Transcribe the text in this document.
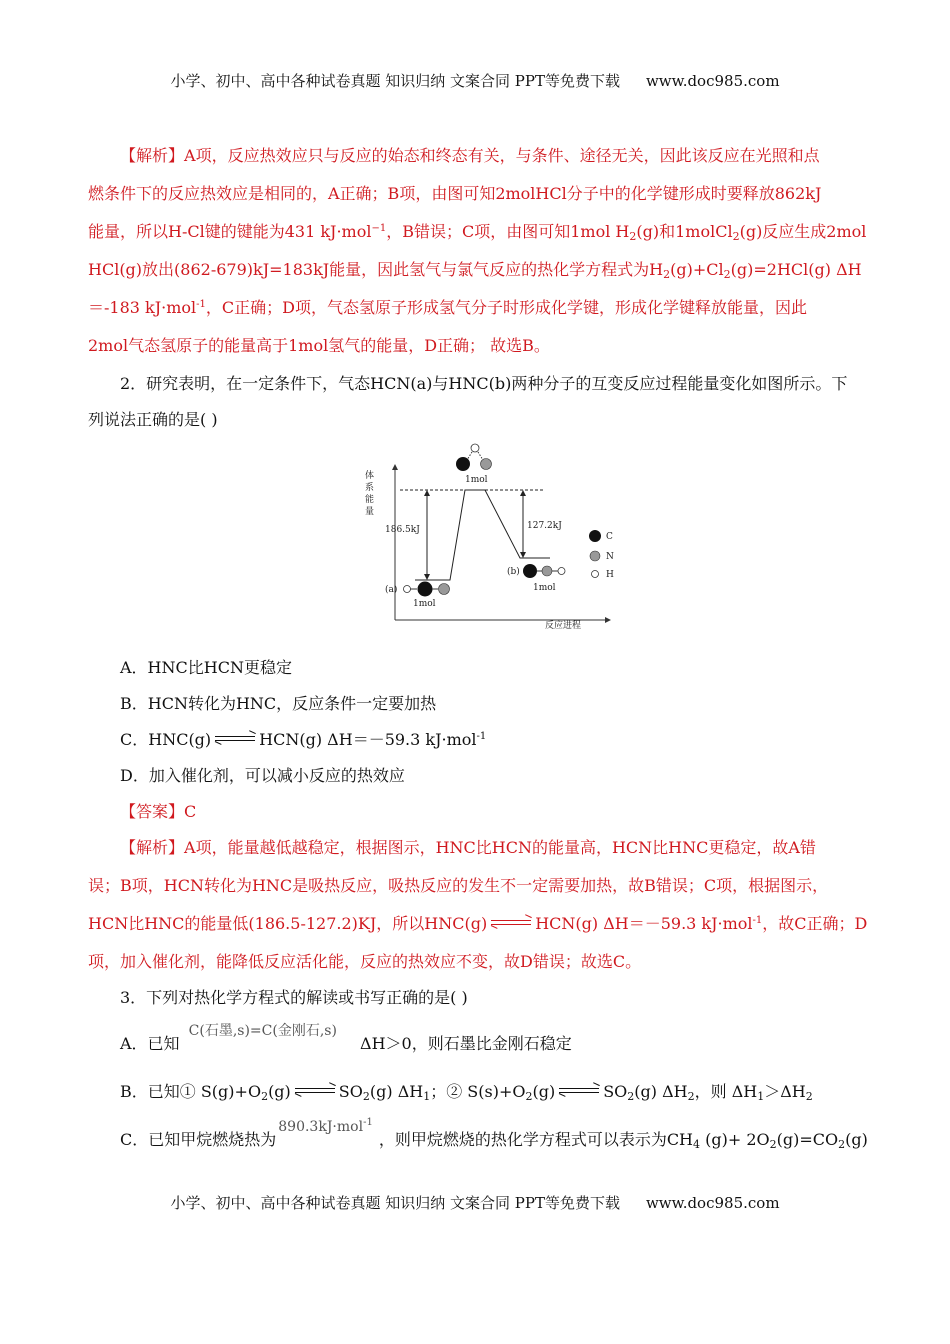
小学、初中、高中各种试卷真题 知识归纳 文案合同 PPT等免费下载 www.doc985.com
【解析】A项，反应热效应只与反应的始态和终态有关，与条件、途径无关，因此该反应在光照和点
燃条件下的反应热效应是相同的，A正确；B项，由图可知2molHCl分子中的化学键形成时要释放862kJ
能量，所以H-Cl键的键能为431 kJ·mol$^{-1}$，B错误；C项，由图可知1mol $H_2(g)$和1molCl$_2$(g)反应生成2mol
HCl(g)放出(862-679)kJ=183kJ能量，因此氢气与氯气反应的热化学方程式为$H_2(g)+Cl_2(g)=2HCl(g)$ ΔH
＝-183 kJ·mol$^{-1}$，C正确；D项，气态氢原子形成氢气分子时形成化学键，形成化学键释放能量，因此
2mol气态氢原子的能量高于1mol氢气的能量，D正确； 故选B。
2．研究表明，在一定条件下，气态HCN(a)与HNC(b)两种分子的互变反应过程能量变化如图所示。下
列说法正确的是( )
体
系
能
量
反应进程
186.5kJ	127.2kJ
1mol
(a)
1mol
(b)
1mol
C
N
H
A．HNC比HCN更稳定
B．HCN转化为HNC，反应条件一定要加热
C．HNC(g)	HCN(g) ΔH＝－59.3 kJ·mol$^{-1}$
D．加入催化剂，可以减小反应的热效应
【答案】C
【解析】A项，能量越低越稳定，根据图示，HNC比HCN的能量高，HCN比HNC更稳定，故A错
误；B项，HCN转化为HNC是吸热反应，吸热反应的发生不一定需要加热，故B错误；C项，根据图示，
HCN比HNC的能量低(186.5-127.2)KJ，所以HNC(g)	HCN(g) ΔH＝－59.3 kJ·mol$^{-1}$，故C正确；D
项，加入催化剂，能降低反应活化能，反应的热效应不变，故D错误；故选C。
3．下列对热化学方程式的解读或书写正确的是( )
A．已知 C(石墨,s)=C(金刚石,s) ΔH＞0，则石墨比金刚石稳定
B．已知① $S(g)+O_2(g)$	$SO_2(g)$ $\Delta H_1$；② $S(s)+O_2(g)$	$SO_2(g)$ $\Delta H_2$，则 $\Delta H_1>\Delta H_2$
C．已知甲烷燃烧热为890.3kJ·mol$^{-1}$，则甲烷燃烧的热化学方程式可以表示为$CH_4$ $(g)+ 2O_2(g)=CO_2(g)$
小学、初中、高中各种试卷真题 知识归纳 文案合同 PPT等免费下载 www.doc985.com
